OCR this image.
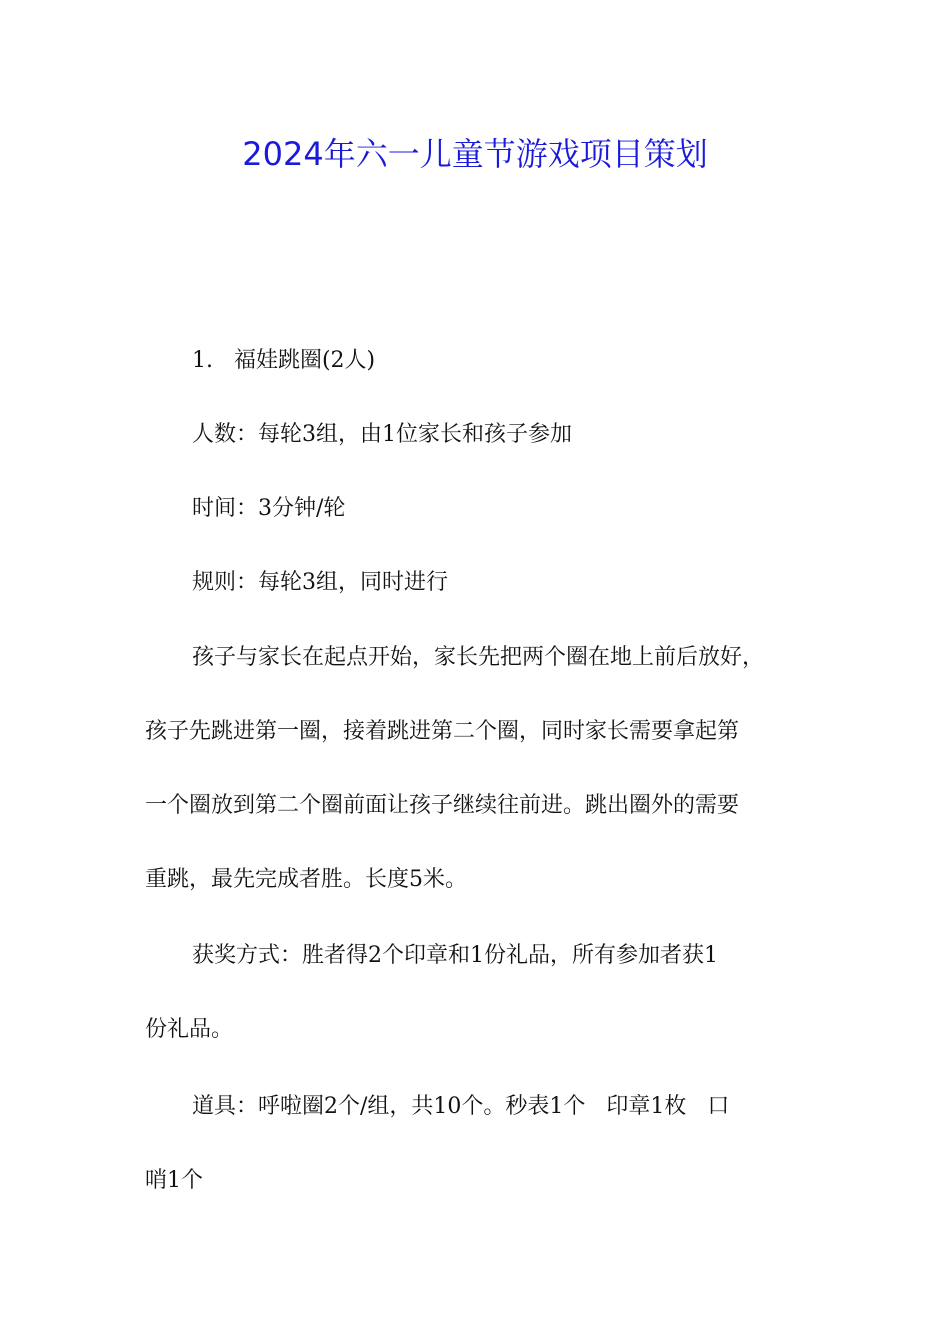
2024年六一儿童节游戏项目策划
1.   福娃跳圈(2人)
人数：每轮3组，由1位家长和孩子参加
时间：3分钟/轮
规则：每轮3组，同时进行
孩子与家长在起点开始，家长先把两个圈在地上前后放好，
孩子先跳进第一圈，接着跳进第二个圈，同时家长需要拿起第
一个圈放到第二个圈前面让孩子继续往前进。跳出圈外的需要
重跳，最先完成者胜。长度5米。
获奖方式：胜者得2个印章和1份礼品，所有参加者获1
份礼品。
道具：呼啦圈2个/组，共10个。秒表1个   印章1枚   口
哨1个
